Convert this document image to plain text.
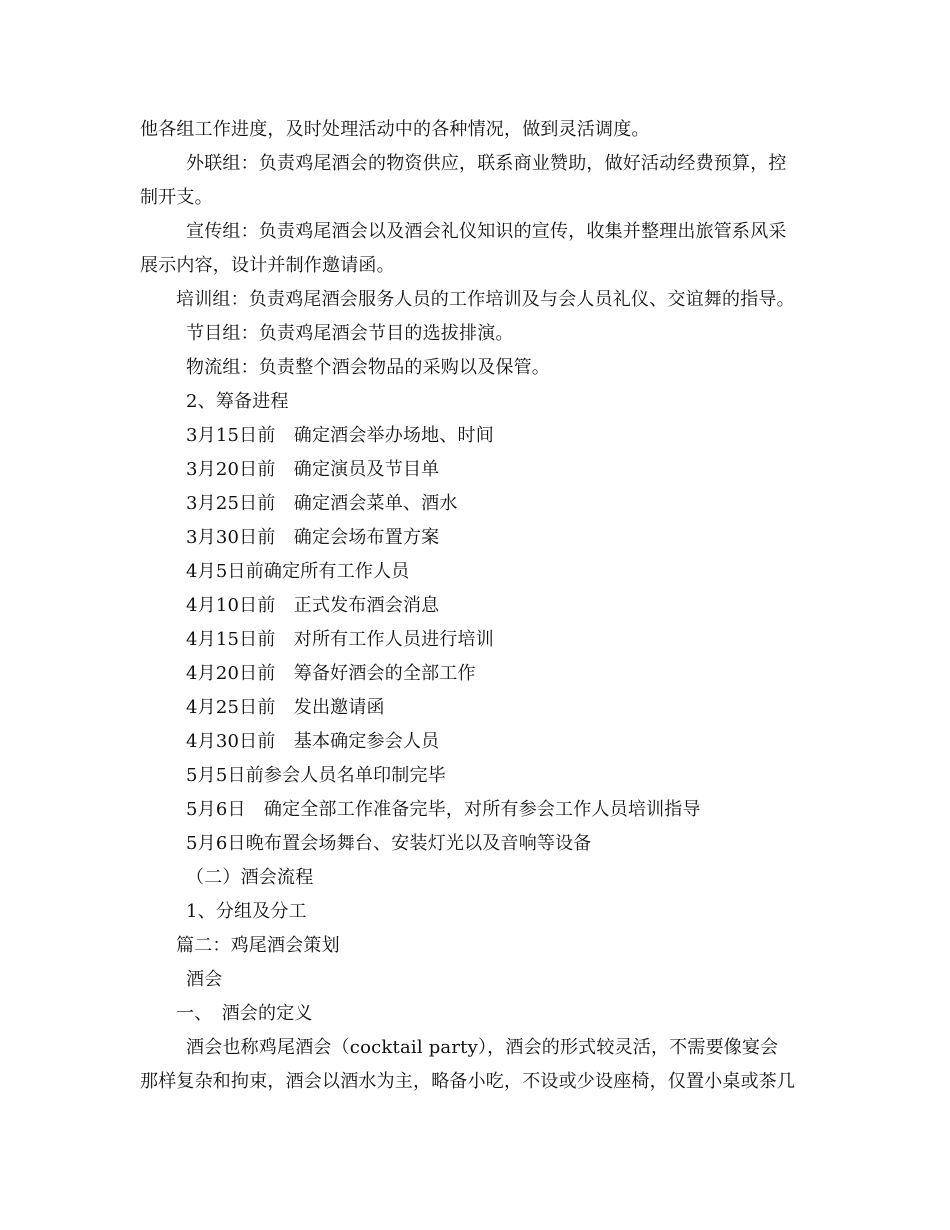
他各组工作进度，及时处理活动中的各种情况，做到灵活调度。
外联组：负责鸡尾酒会的物资供应，联系商业赞助，做好活动经费预算，控
制开支。
宣传组：负责鸡尾酒会以及酒会礼仪知识的宣传，收集并整理出旅管系风采
展示内容，设计并制作邀请函。
培训组：负责鸡尾酒会服务人员的工作培训及与会人员礼仪、交谊舞的指导。
节目组：负责鸡尾酒会节目的选拔排演。
物流组：负责整个酒会物品的采购以及保管。
2、筹备进程
3月15日前　确定酒会举办场地、时间
3月20日前　确定演员及节目单
3月25日前　确定酒会菜单、酒水
3月30日前　确定会场布置方案
4月5日前确定所有工作人员
4月10日前　正式发布酒会消息
4月15日前　对所有工作人员进行培训
4月20日前　筹备好酒会的全部工作
4月25日前　发出邀请函
4月30日前　基本确定参会人员
5月5日前参会人员名单印制完毕
5月6日　确定全部工作准备完毕，对所有参会工作人员培训指导
5月6日晚布置会场舞台、安装灯光以及音响等设备
（二）酒会流程
1、分组及分工
篇二：鸡尾酒会策划
酒会
一、　酒会的定义
酒会也称鸡尾酒会（cocktail party），酒会的形式较灵活，不需要像宴会
那样复杂和拘束，酒会以酒水为主，略备小吃，不设或少设座椅，仅置小桌或茶几
